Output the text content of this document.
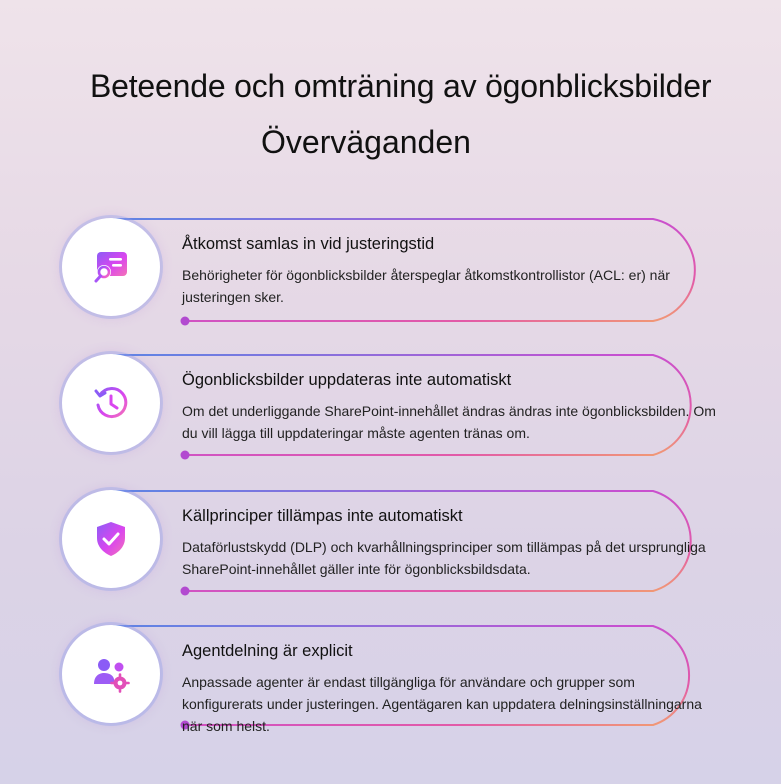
Beteende och omträning av ögonblicksbilder
Överväganden

Åtkomst samlas in vid justeringstid

Behörigheter för ögonblicksbilder återspeglar åtkomstkontrollistor (ACL: er) när justeringen sker.

Ögonblicksbilder uppdateras inte automatiskt

Om det underliggande SharePoint-innehållet ändras ändras inte ögonblicksbilden. Om du vill lägga till uppdateringar måste agenten tränas om.

Källprinciper tillämpas inte automatiskt

Dataförlustskydd (DLP) och kvarhållningsprinciper som tillämpas på det ursprungliga SharePoint-innehållet gäller inte för ögonblicksbildsdata.

Agentdelning är explicit

Anpassade agenter är endast tillgängliga för användare och grupper som konfigurerats under justeringen. Agentägaren kan uppdatera delningsinställningarna när som helst.
